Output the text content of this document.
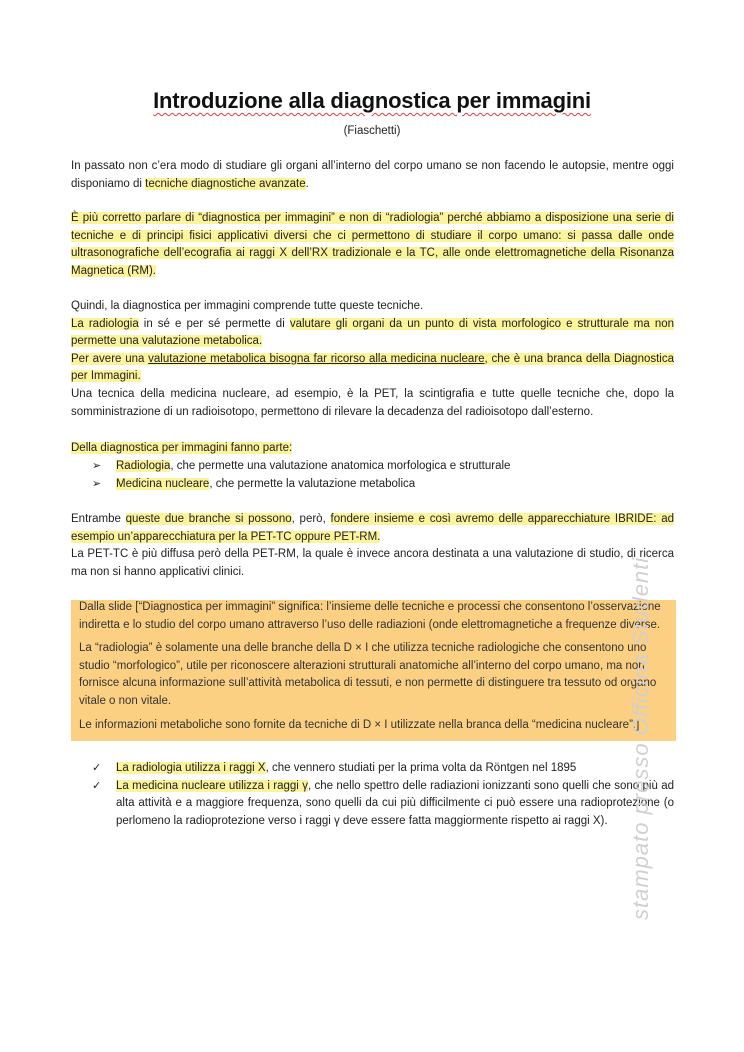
Introduzione alla diagnostica per immagini
(Fiaschetti)
In passato non c’era modo di studiare gli organi all’interno del corpo umano se non facendo le autopsie, mentre oggi disponiamo di tecniche diagnostiche avanzate.
È più corretto parlare di “diagnostica per immagini” e non di “radiologia” perché abbiamo a disposizione una serie di tecniche e di principi fisici applicativi diversi che ci permettono di studiare il corpo umano: si passa dalle onde ultrasonografiche dell’ecografia ai raggi X dell’RX tradizionale e la TC, alle onde elettromagnetiche della Risonanza Magnetica (RM).
Quindi, la diagnostica per immagini comprende tutte queste tecniche.
La radiologia in sé e per sé permette di valutare gli organi da un punto di vista morfologico e strutturale ma non permette una valutazione metabolica.
Per avere una valutazione metabolica bisogna far ricorso alla medicina nucleare, che è una branca della Diagnostica per Immagini.
Una tecnica della medicina nucleare, ad esempio, è la PET, la scintigrafia e tutte quelle tecniche che, dopo la somministrazione di un radioisotopo, permettono di rilevare la decadenza del radioisotopo dall’esterno.
Della diagnostica per immagini fanno parte:
➢	Radiologia, che permette una valutazione anatomica morfologica e strutturale
➢	Medicina nucleare, che permette la valutazione metabolica
Entrambe queste due branche si possono, però, fondere insieme e così avremo delle apparecchiature IBRIDE: ad esempio un’apparecchiatura per la PET-TC oppure PET-RM.
La PET-TC è più diffusa però della PET-RM, la quale è invece ancora destinata a una valutazione di studio, di ricerca ma non si hanno applicativi clinici.

Dalla slide [“Diagnostica per immagini” significa: l’insieme delle tecniche e processi che consentono l’osservazione indiretta e lo studio del corpo umano attraverso l’uso delle radiazioni (onde elettromagnetiche a frequenze diverse.

La “radiologia” è solamente una delle branche della D × I che utilizza tecniche radiologiche che consentono uno studio “morfologico”, utile per riconoscere alterazioni strutturali anatomiche all’interno del corpo umano, ma non fornisce alcuna informazione sull’attività metabolica di tessuti, e non permette di distinguere tra tessuto od organo vitale o non vitale.

Le informazioni metaboliche sono fornite da tecniche di D × I utilizzate nella branca della “medicina nucleare”.]

✓	La radiologia utilizza i raggi X, che vennero studiati per la prima volta da Röntgen nel 1895
✓	La medicina nucleare utilizza i raggi γ, che nello spettro delle radiazioni ionizzanti sono quelli che sono più ad alta attività e a maggiore frequenza, sono quelli da cui più difficilmente ci può essere una radioprotezione (o perlomeno la radioprotezione verso i raggi γ deve essere fatta maggiormente rispetto ai raggi X). stampato presso Officina Studenti
